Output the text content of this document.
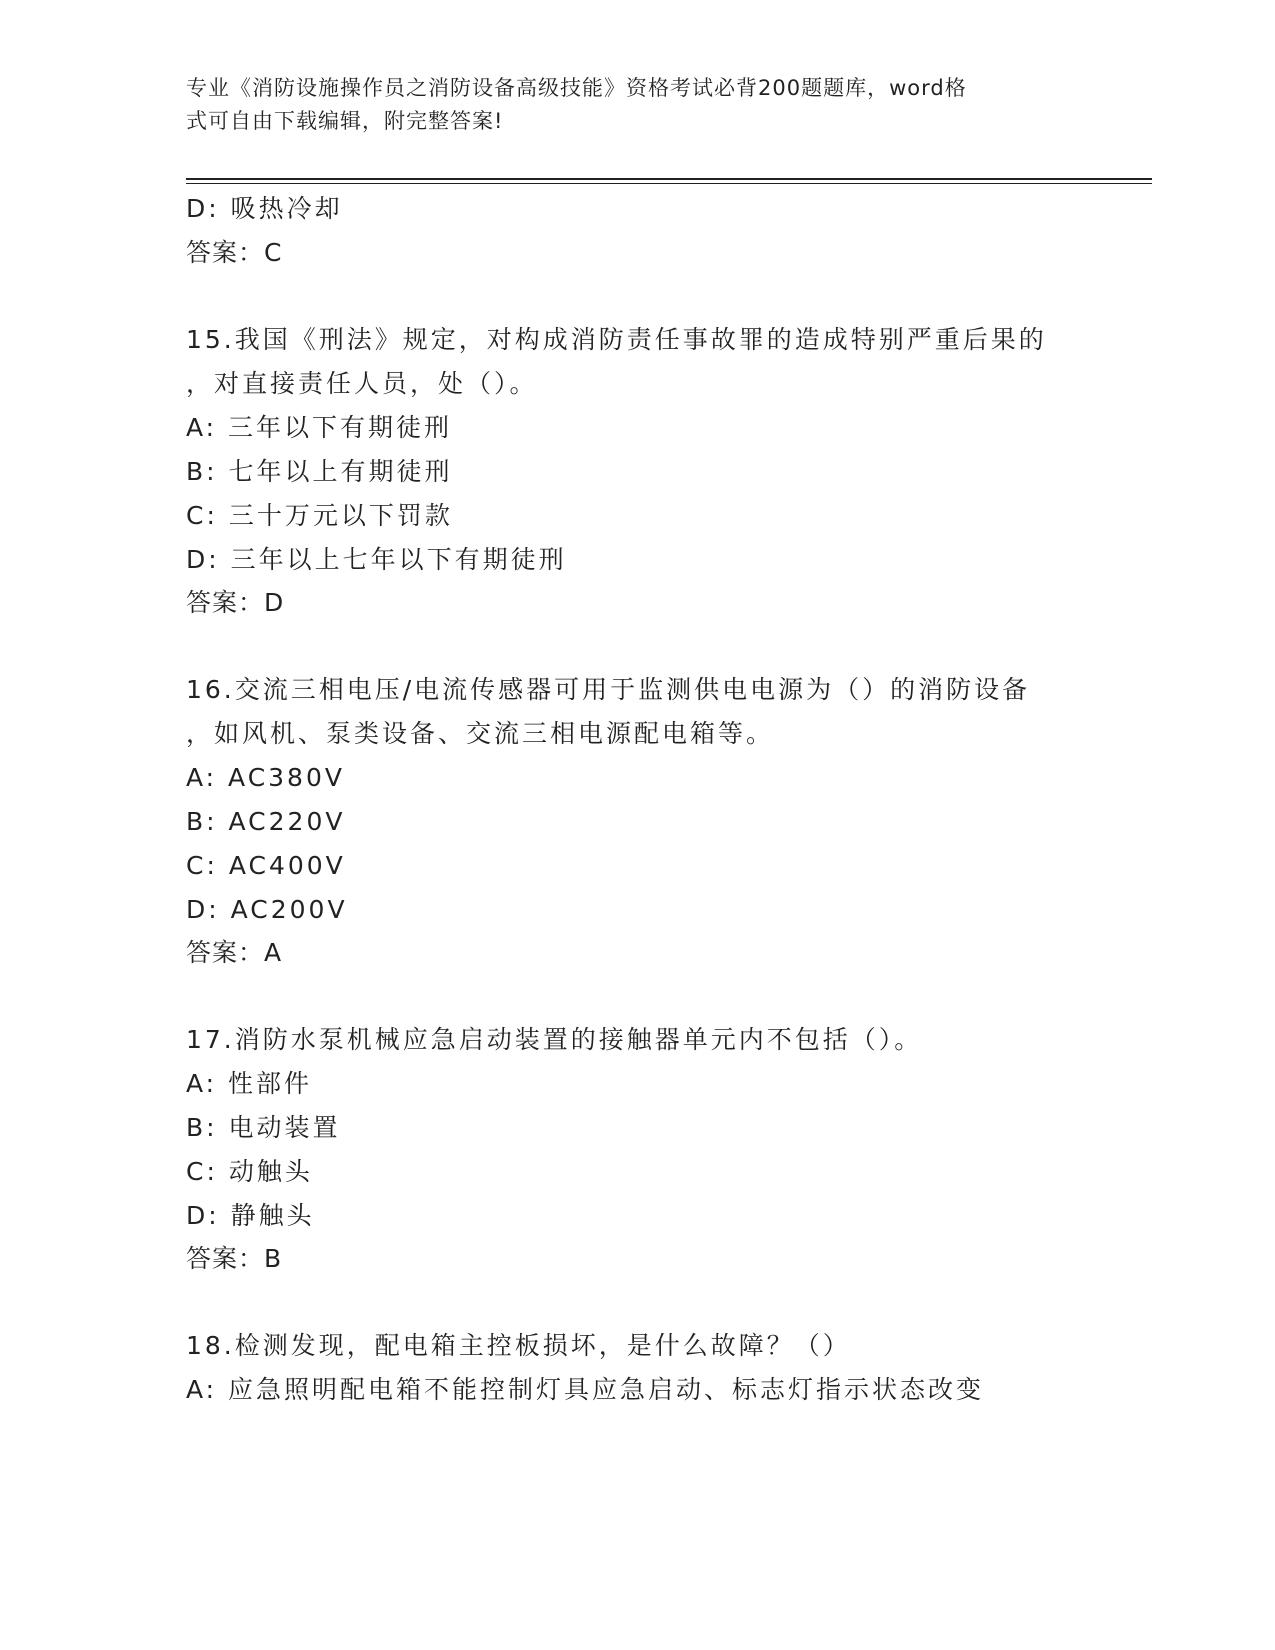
专业《消防设施操作员之消防设备高级技能》资格考试必背200题题库，word格
式可自由下载编辑，附完整答案!
D: 吸热冷却
答案：C
15.我国《刑法》规定，对构成消防责任事故罪的造成特别严重后果的
，对直接责任人员，处（）。
A: 三年以下有期徒刑
B: 七年以上有期徒刑
C: 三十万元以下罚款
D: 三年以上七年以下有期徒刑
答案：D
16.交流三相电压/电流传感器可用于监测供电电源为（）的消防设备
，如风机、泵类设备、交流三相电源配电箱等。
A: AC380V
B: AC220V
C: AC400V
D: AC200V
答案：A
17.消防水泵机械应急启动装置的接触器单元内不包括（）。
A: 性部件
B: 电动装置
C: 动触头
D: 静触头
答案：B
18.检测发现，配电箱主控板损坏，是什么故障？（）
A: 应急照明配电箱不能控制灯具应急启动、标志灯指示状态改变
